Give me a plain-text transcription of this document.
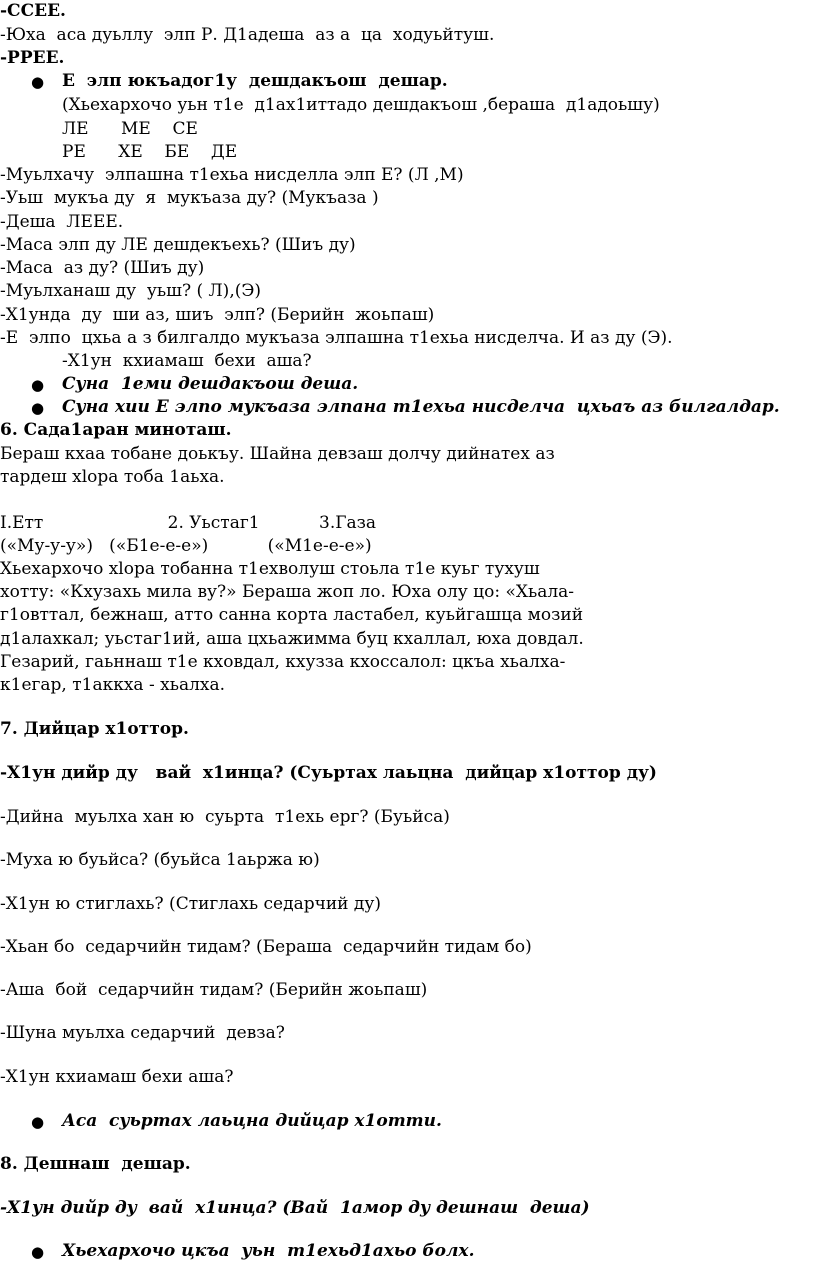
-ССЕЕ.
-Юха  аса дуьллу  элп Р. Д1адеша  аз а  ца  ходуьйтуш.
-РРЕЕ.
● Е  элп юкъадог1у  дешдакъош  дешар.
(Хьехархочо уьн т1е  д1ах1иттадо дешдакъош ,бераша  д1адоьшу)
ЛЕ      МЕ    СЕ
РЕ      ХЕ    БЕ    ДЕ
-Муьлхачу  элпашна т1ехьа нисделла элп Е? (Л ,М)
-Уьш  мукъа ду  я  мукъаза ду? (Мукъаза )
-Деша  ЛЕЕЕ.
-Маса элп ду ЛЕ дешдекъехь? (Шиъ ду)
-Маса  аз ду? (Шиъ ду)
-Муьлханаш ду  уьш? ( Л),(Э)
-Х1унда  ду  ши аз, шиъ  элп? (Берийн  жоьпаш)
-Е  элпо  цхьа а з билгалдо мукъаза элпашна т1ехьа нисделча. И аз ду (Э).
-Х1ун  кхиамаш  бехи  аша?
● Суна  1еми дешдакъош деша.
● Суна хии Е элпо мукъаза элпана т1ехьа нисделча  цхьаъ аз билгалдар.
6. Сада1аран миноташ.
Бераш кхаа тобане доькъу. Шайна девзаш долчу дийнатех аз
тардеш хlора тоба 1аьха.
I.Етт                       2. Уьстаг1           3.Газа
(«Му-у-у»)   («Б1е-е-е»)           («М1е-е-е»)
Хьехархочо хlора тобанна т1ехволуш стоьла т1е куьг тухуш
хотту: «Кхузахь мила ву?» Бераша жоп ло. Юха олу цо: «Хьала-
г1овттал, бежнаш, атто санна корта ластабел, куьйгашца мозий
д1алахкал; уьстаг1ий, аша цхьажимма буц кхаллал, юха довдал.
Гезарий, гаьннаш т1е кховдал, кхузза кхоссалол: цкъа хьалха-
к1егар, т1аккха - хьалха.
7. Дийцар х1оттор.
-Х1ун дийр ду   вай  х1инца? (Суьртах лаьцна  дийцар х1оттор ду)
-Дийна  муьлха хан ю  суьрта  т1ехь ерг? (Буьйса)
-Муха ю буьйса? (буьйса 1аьржа ю)
-Х1ун ю стиглахь? (Стиглахь седарчий ду)
-Хьан бо  седарчийн тидам? (Бераша  седарчийн тидам бо)
-Аша  бой  седарчийн тидам? (Берийн жоьпаш)
-Шуна муьлха седарчий  девза?
-Х1ун кхиамаш бехи аша?
● Аса  суьртах лаьцна дийцар х1отти.
8. Дешнаш  дешар.
-Х1ун дийр ду  вай  х1инца? (Вай  1амор ду дешнаш  деша)
● Хьехархочо цкъа  уьн  т1ехьд1ахьо болх.
